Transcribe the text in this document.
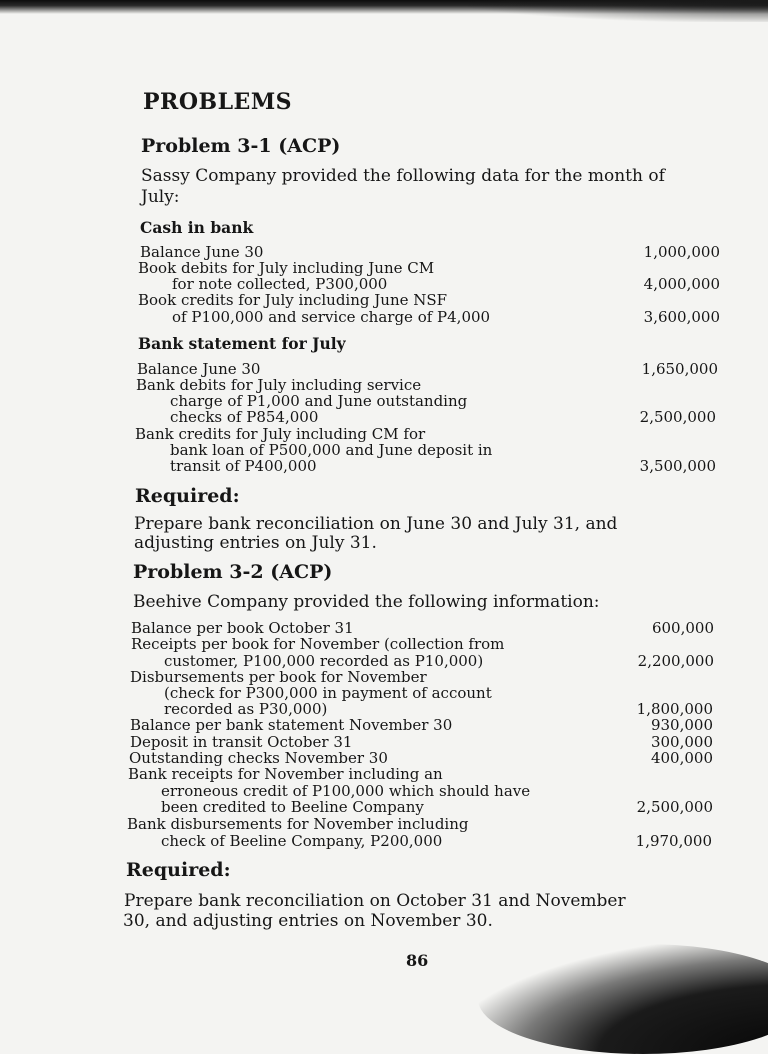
PROBLEMS
Problem 3-1 (ACP)
Sassy Company provided the following data for the month of
July:
Cash in bank
Balance June 30	1,000,000
Book debits for July including June CM
for note collected, P300,000	4,000,000
Book credits for July including June NSF
of P100,000 and service charge of P4,000	3,600,000
Bank statement for July
Balance June 30	1,650,000
Bank debits for July including service
charge of P1,000 and June outstanding
checks of P854,000	2,500,000
Bank credits for July including CM for
bank loan of P500,000 and June deposit in
transit of P400,000	3,500,000
Required:
Prepare bank reconciliation on June 30 and July 31, and
adjusting entries on July 31.
Problem 3-2 (ACP)
Beehive Company provided the following information:
Balance per book October 31	600,000
Receipts per book for November (collection from
customer, P100,000 recorded as P10,000)	2,200,000
Disbursements per book for November
(check for P300,000 in payment of account
recorded as P30,000)	1,800,000
Balance per bank statement November 30	930,000
Deposit in transit October 31	300,000
Outstanding checks November 30	400,000
Bank receipts for November including an
erroneous credit of P100,000 which should have
been credited to Beeline Company	2,500,000
Bank disbursements for November including
check of Beeline Company, P200,000	1,970,000
Required:
Prepare bank reconciliation on October 31 and November
30, and adjusting entries on November 30.
86
